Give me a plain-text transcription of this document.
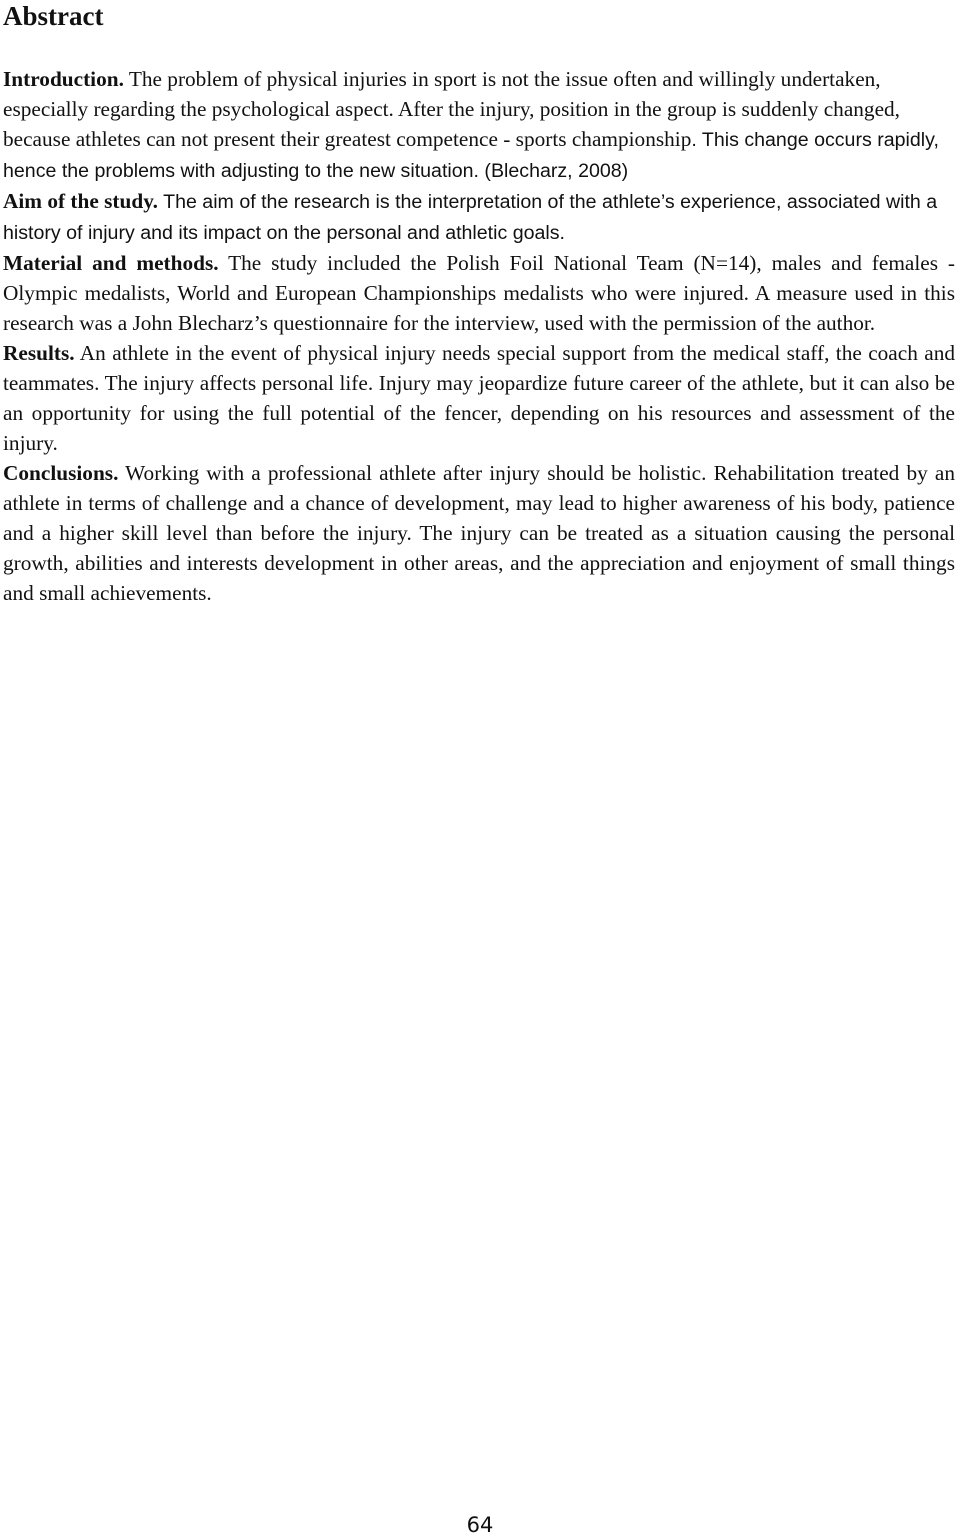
Abstract

Introduction. The problem of physical injuries in sport is not the issue often and willingly undertaken, especially regarding the psychological aspect. After the injury, position in the group is suddenly changed, because athletes can not present their greatest competence - sports championship. This change occurs rapidly, hence the problems with adjusting to the new situation. (Blecharz, 2008)

Aim of the study. The aim of the research is the interpretation of the athlete’s experience, associated with a history of injury and its impact on the personal and athletic goals.

Material and methods. The study included the Polish Foil National Team (N=14), males and females - Olympic medalists, World and European Championships medalists who were injured. A measure used in this research was a John Blecharz’s questionnaire for the interview, used with the permission of the author.

Results. An athlete in the event of physical injury needs special support from the medical staff, the coach and teammates. The injury affects personal life. Injury may jeopardize future career of the athlete, but it can also be an opportunity for using the full potential of the fencer, depending on his resources and assessment of the injury.

Conclusions. Working with a professional athlete after injury should be holistic. Rehabilitation treated by an athlete in terms of challenge and a chance of development, may lead to higher awareness of his body, patience and a higher skill level than before the injury. The injury can be treated as a situation causing the personal growth, abilities and interests development in other areas, and the appreciation and enjoyment of small things and small achievements.

64
